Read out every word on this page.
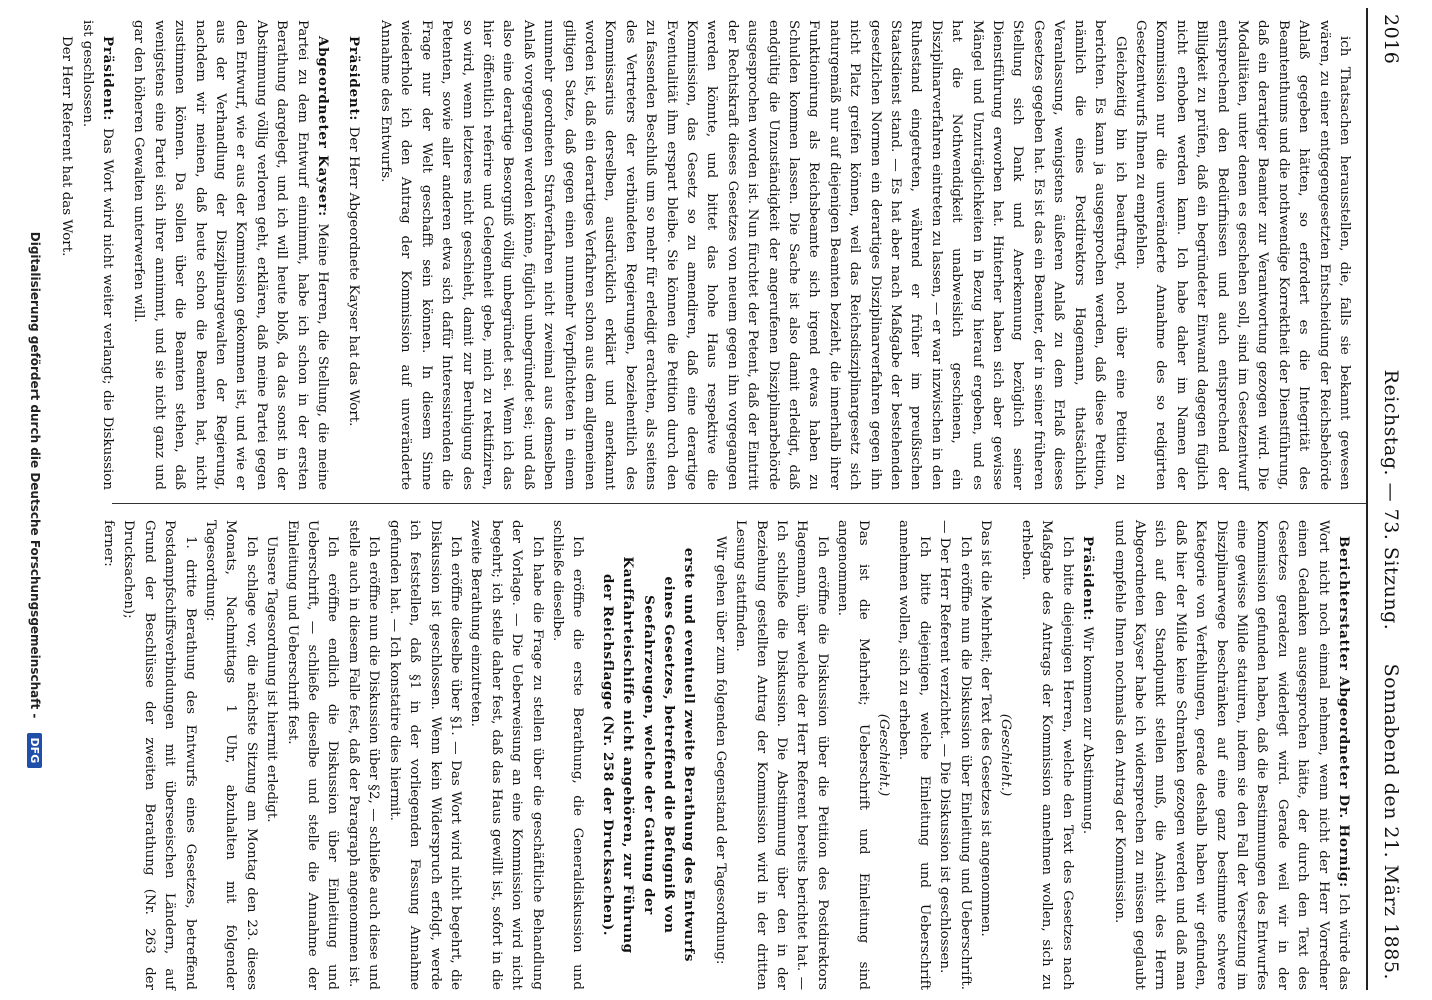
2016
Reichstag. — 73. Sitzung.
Sonnabend den 21. März 1885.

ich Thatsachen herausstellen, die, falls sie bekannt gewesen wären, zu einer entgegengesetzten Entscheidung der Reichsbehörde Anlaß gegeben hätten, so erfordert es die Integrität des Beamtenthums und die nothwendige Korrektheit der Dienstführung, daß ein derartiger Beamter zur Verantwortung gezogen wird. Die Modalitäten, unter denen es geschehen soll, sind im Gesetzentwurf entsprechend den Bedürfnissen und auch entsprechend der Billigkeit zu prüfen, daß ein begründeter Einwand dagegen füglich nicht erhoben werden kann. Ich habe daher im Namen der Kommission nur die unveränderte Annahme des so redigirten Gesetzentwurfs Ihnen zu empfehlen.

Gleichzeitig bin ich beauftragt, noch über eine Petition zu berichten. Es kann ja ausgesprochen werden, daß diese Petition, nämlich die eines Postdirektors Hagemann, thatsächlich Veranlassung, wenigstens äußeren Anlaß zu dem Erlaß dieses Gesetzes gegeben hat. Es ist das ein Beamter, der in seiner früheren Stellung sich Dank und Anerkennung bezüglich seiner Dienstführung erworben hat. Hinterher haben sich aber gewisse Mängel und Unzuträglichkeiten in Bezug hierauf ergeben, und es hat die Nothwendigkeit unabweislich geschienen, ein Disziplinarverfahren eintreten zu lassen, — er war inzwischen in den Ruhestand eingetreten, während er früher im preußischen Staatsdienst stand. — Es hat aber nach Maßgabe der bestehenden gesetzlichen Normen ein derartiges Disziplinarverfahren gegen ihn nicht Platz greifen können, weil das Reichsdisziplinargesetz sich naturgemäß nur auf diejenigen Beamten bezieht, die innerhalb ihrer Funktionirung als Reichsbeamte sich irgend etwas haben zu Schulden kommen lassen. Die Sache ist also damit erledigt, daß endgültig die Unzuständigkeit der angerufenen Disziplinarbehörde ausgesprochen worden ist. Nun fürchtet der Petent, daß der Eintritt der Rechtskraft dieses Gesetzes von neuem gegen ihn vorgegangen werden könnte, und bittet das hohe Haus respektive die Kommission, das Gesetz so zu amendiren, daß eine derartige Eventualität ihm erspart bleibe. Sie können die Petition durch den zu fassenden Beschluß um so mehr für erledigt erachten, als seitens des Vertreters der verbündeten Regierungen, beziehentlich des Kommissarius derselben, ausdrücklich erklärt und anerkannt worden ist, daß ein derartiges Verfahren schon aus dem allgemeinen giltigen Satze, daß gegen einen nunmehr Verpflichteten in einem nunmehr geordneten Strafverfahren nicht zweimal aus demselben Anlaß vorgegangen werden könne, füglich unbegründet sei; und daß also eine derartige Besorgniß völlig unbegründet sei. Wenn ich das hier öffentlich referire und Gelegenheit gebe, mich zu rektifiziren, so wird, wenn letzteres nicht geschieht, damit zur Beruhigung des Petenten, sowie aller anderen etwa sich dafür Interessirenden die Frage nur der Welt geschafft sein können. In diesem Sinne wiederhole ich den Antrag der Kommission auf unveränderte Annahme des Entwurfs.

Präsident: Der Herr Abgeordnete Kayser hat das Wort.

Abgeordneter Kayser: Meine Herren, die Stellung, die meine Partei zu dem Entwurf einnimmt, habe ich schon in der ersten Berathung dargelegt, und ich will heute bloß, da das sonst in der Abstimmung völlig verloren geht, erklären, daß meine Partei gegen den Entwurf, wie er aus der Kommission gekommen ist, und wie er aus der Verhandlung der Disziplinargewalten der Regierung, nachdem wir meinen, daß heute schon die Beamten hat, nicht zustimmen können. Da sollen über die Beamten stehen, daß wenigstens eine Partei sich ihrer annimmt, und sie nicht ganz und gar den höheren Gewalten unterwerfen will.

Präsident: Das Wort wird nicht weiter verlangt; die Diskussion ist geschlossen.

Der Herr Referent hat das Wort.

Berichterstatter Abgeordneter Dr. Hornig: Ich würde das Wort nicht noch einmal nehmen, wenn nicht der Herr Vorredner einen Gedanken ausgesprochen hätte, der durch den Text des Gesetzes geradezu widerlegt wird. Gerade weil wir in der Kommission gefunden haben, daß die Bestimmungen des Entwurfes eine gewisse Milde statuiren, indem sie den Fall der Versetzung im Disziplinarwege beschränken auf eine ganz bestimmte schwere Kategorie von Verfehlungen, gerade deshalb haben wir gefunden, daß hier der Milde keine Schranken gezogen werden und daß man sich auf den Standpunkt stellen muß, die Ansicht des Herrn Abgeordneten Kayser habe ich widersprechen zu müssen geglaubt und empfehle Ihnen nochmals den Antrag der Kommission.

Präsident: Wir kommen zur Abstimmung.

Ich bitte diejenigen Herren, welche den Text des Gesetzes nach Maßgabe des Antrags der Kommission annehmen wollen, sich zu erheben.

(Geschieht.)

Das ist die Mehrheit; der Text des Gesetzes ist angenommen.

Ich eröffne nun die Diskussion über Einleitung und Ueberschrift. — Der Herr Referent verzichtet. — Die Diskussion ist geschlossen.

Ich bitte diejenigen, welche Einleitung und Ueberschrift annehmen wollen, sich zu erheben.

(Geschieht.)

Das ist die Mehrheit; Ueberschrift und Einleitung sind angenommen.

Ich eröffne die Diskussion über die Petition des Postdirektors Hagemann, über welche der Herr Referent bereits berichtet hat. — Ich schließe die Diskussion. Die Abstimmung über den in der Beziehung gestellten Antrag der Kommission wird in der dritten Lesung stattfinden.

Wir gehen über zum folgenden Gegenstand der Tagesordnung:

erste und eventuell zweite Berathung des Entwurfs eines Gesetzes, betreffend die Befugniß von Seefahrzeugen, welche der Gattung der Kauffahrteischiffe nicht angehören, zur Führung der Reichsflagge (Nr. 258 der Drucksachen).

Ich eröffne die erste Berathung, die Generaldiskussion und schließe dieselbe.

Ich habe die Frage zu stellen über die geschäftliche Behandlung der Vorlage. — Die Ueberweisung an eine Kommission wird nicht begehrt; ich stelle daher fest, daß das Haus gewillt ist, sofort in die zweite Berathung einzutreten.

Ich eröffne dieselbe über §1. — Das Wort wird nicht begehrt, die Diskussion ist geschlossen. Wenn kein Widerspruch erfolgt, werde ich feststellen, daß §1 in der vorliegenden Fassung Annahme gefunden hat. — Ich konstatire dies hiermit.

Ich eröffne nun die Diskussion über §2, — schließe auch diese und stelle auch in diesem Falle fest, daß der Paragraph angenommen ist.

Ich eröffne endlich die Diskussion über Einleitung und Ueberschrift, — schließe dieselbe und stelle die Annahme der Einleitung und Ueberschrift fest.

Unsere Tagesordnung ist hiermit erledigt.

Ich schlage vor, die nächste Sitzung am Montag den 23. dieses Monats, Nachmittags 1 Uhr, abzuhalten mit folgender Tagesordnung:

1. dritte Berathung des Entwurfs eines Gesetzes, betreffend Postdampfschiffsverbindungen mit überseeischen Ländern, auf Grund der Beschlüsse der zweiten Berathung (Nr. 263 der Drucksachen);

ferner:

Digitalisierung gefördert durch die Deutsche Forschungsgemeinschaft - DFG
